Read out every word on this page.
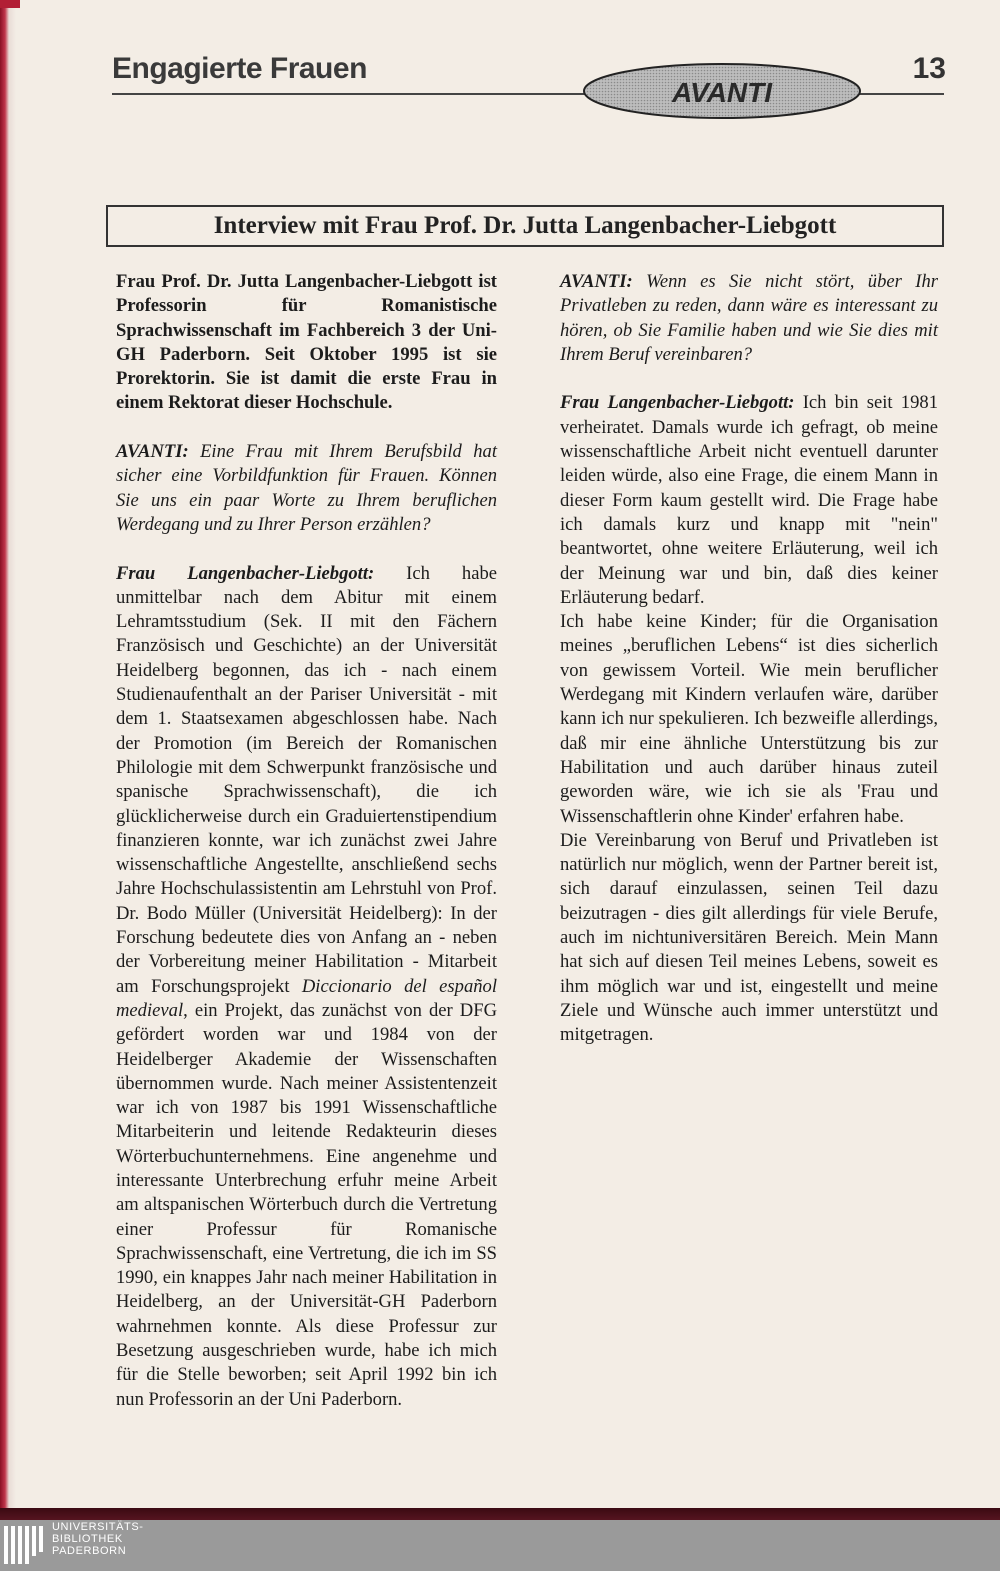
Engagierte Frauen	13
AVANTI
Interview mit Frau Prof. Dr. Jutta Langenbacher-Liebgott

Frau Prof. Dr. Jutta Langenbacher-Liebgott ist Professorin für Romanistische Sprachwissenschaft im Fachbereich 3 der Uni-GH Paderborn. Seit Oktober 1995 ist sie Prorektorin. Sie ist damit die erste Frau in einem Rektorat dieser Hochschule.

AVANTI: Eine Frau mit Ihrem Berufsbild hat sicher eine Vorbildfunktion für Frauen. Können Sie uns ein paar Worte zu Ihrem beruflichen Werdegang und zu Ihrer Person erzählen?

Frau Langenbacher-Liebgott: Ich habe unmittelbar nach dem Abitur mit einem Lehramtsstudium (Sek. II mit den Fächern Französisch und Geschichte) an der Universität Heidelberg begonnen, das ich - nach einem Studienaufenthalt an der Pariser Universität - mit dem 1. Staatsexamen abgeschlossen habe. Nach der Promotion (im Bereich der Romanischen Philologie mit dem Schwerpunkt französische und spanische Sprachwissenschaft), die ich glücklicherweise durch ein Graduiertenstipendium finanzieren konnte, war ich zunächst zwei Jahre wissenschaftliche Angestellte, anschließend sechs Jahre Hochschulassistentin am Lehrstuhl von Prof. Dr. Bodo Müller (Universität Heidelberg): In der Forschung bedeutete dies von Anfang an - neben der Vorbereitung meiner Habilitation - Mitarbeit am Forschungsprojekt Diccionario del español medieval, ein Projekt, das zunächst von der DFG gefördert worden war und 1984 von der Heidelberger Akademie der Wissenschaften übernommen wurde. Nach meiner Assistentenzeit war ich von 1987 bis 1991 Wissenschaftliche Mitarbeiterin und leitende Redakteurin dieses Wörterbuchunternehmens. Eine angenehme und interessante Unterbrechung erfuhr meine Arbeit am altspanischen Wörterbuch durch die Vertretung einer Professur für Romanische Sprachwissenschaft, eine Vertretung, die ich im SS 1990, ein knappes Jahr nach meiner Habilitation in Heidelberg, an der Universität-GH Paderborn wahrnehmen konnte. Als diese Professur zur Besetzung ausgeschrieben wurde, habe ich mich für die Stelle beworben; seit April 1992 bin ich nun Professorin an der Uni Paderborn.

AVANTI: Wenn es Sie nicht stört, über Ihr Privatleben zu reden, dann wäre es interessant zu hören, ob Sie Familie haben und wie Sie dies mit Ihrem Beruf vereinbaren?

Frau Langenbacher-Liebgott: Ich bin seit 1981 verheiratet. Damals wurde ich gefragt, ob meine wissenschaftliche Arbeit nicht eventuell darunter leiden würde, also eine Frage, die einem Mann in dieser Form kaum gestellt wird. Die Frage habe ich damals kurz und knapp mit "nein" beantwortet, ohne weitere Erläuterung, weil ich der Meinung war und bin, daß dies keiner Erläuterung bedarf.

Ich habe keine Kinder; für die Organisation meines „beruflichen Lebens“ ist dies sicherlich von gewissem Vorteil. Wie mein beruflicher Werdegang mit Kindern verlaufen wäre, darüber kann ich nur spekulieren. Ich bezweifle allerdings, daß mir eine ähnliche Unterstützung bis zur Habilitation und auch darüber hinaus zuteil geworden wäre, wie ich sie als 'Frau und Wissenschaftlerin ohne Kinder' erfahren habe.

Die Vereinbarung von Beruf und Privatleben ist natürlich nur möglich, wenn der Partner bereit ist, sich darauf einzulassen, seinen Teil dazu beizutragen - dies gilt allerdings für viele Berufe, auch im nichtuniversitären Bereich. Mein Mann hat sich auf diesen Teil meines Lebens, soweit es ihm möglich war und ist, eingestellt und meine Ziele und Wünsche auch immer unterstützt und mitgetragen.

UNIVERSITÄTS-
BIBLIOTHEK
PADERBORN
